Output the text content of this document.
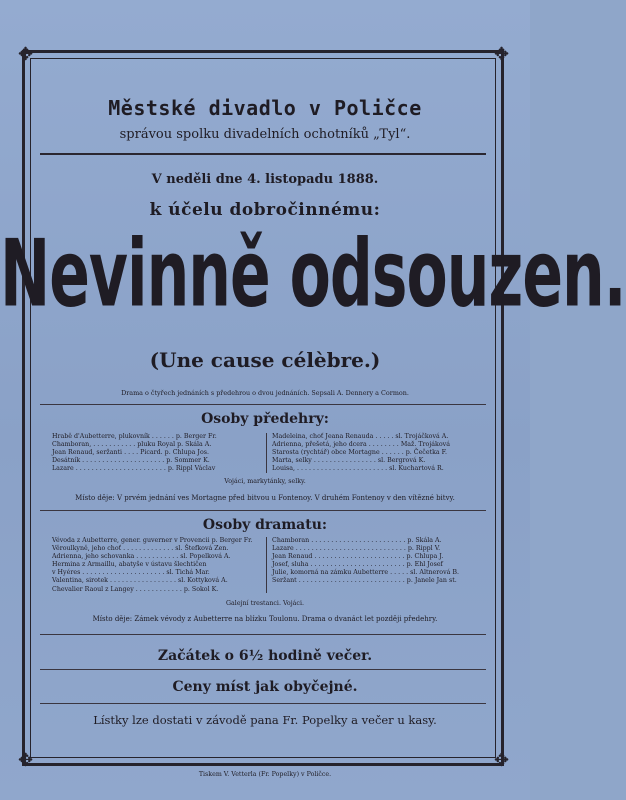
✥	✥
✥	✥
Městské divadlo v Poličce
správou spolku divadelních ochotníků „Tyl“.
V neděli dne 4. listopadu 1888.
k účelu dobročinnému:
Nevinně odsouzen.
(Une cause célèbre.)
Drama o čtyřech jednáních s předehrou o dvou jednáních. Sepsali A. Dennery a Cormon.
Osoby předehry:
Hrabě d'Aubetterre, plukovník . . . . . . p. Berger Fr.
Chamboran, . . . . . . . . . . . pluku Royal p. Skála A.
Jean Renaud, seržanti . . . . Picard. p. Chlupa Jos.
Desátník . . . . . . . . . . . . . . . . . . . . . p. Sommer K.
Lazare . . . . . . . . . . . . . . . . . . . . . . . p. Rippl Václav
Madeleina, choť Jeana Renauda . . . . . sl. Trojáčková A.
Adrienna, přešetá, jeho dcera . . . . . . . . Maž. Trojáková
Starosta (rychtář) obce Mortagne . . . . . . p. Čečetka F.
Marta, selky . . . . . . . . . . . . . . . . sl. Bergrová K.
Louisa, . . . . . . . . . . . . . . . . . . . . . . . sl. Kuchartová R.
Vojáci, markytánky, selky.
Místo děje: V prvém jednání ves Mortagne před bitvou u Fontenoy. V druhém Fontenoy v den vítězné bitvy.
Osoby dramatu:
Vévoda z Aubetterre, gener. guverner v Provencii p. Berger Fr.
Věroulkyně, jeho choť . . . . . . . . . . . . . sl. Štefková Zen.
Adrienna, jeho schovanka . . . . . . . . . . . sl. Popelková A.
Hermina z Armaillu, abatyše v ústavu šlechtičen
v Hyéres . . . . . . . . . . . . . . . . . . . . . sl. Tichá Mar.
Valentina, sirotek . . . . . . . . . . . . . . . . . sl. Kottyková A.
Chevalier Raoul z Langey . . . . . . . . . . . . p. Sokol K.
Chamboran . . . . . . . . . . . . . . . . . . . . . . . . p. Skála A.
Lazare . . . . . . . . . . . . . . . . . . . . . . . . . . . . p. Rippl V.
Jean Renaud . . . . . . . . . . . . . . . . . . . . . . . p. Chlupa J.
Josef, sluha . . . . . . . . . . . . . . . . . . . . . . . . p. Ehl Josef
Julie, komorná na zámku Aubetterre . . . . . sl. Altnerová B.
Seržant . . . . . . . . . . . . . . . . . . . . . . . . . . . p. Janele Jan st.
Galejní trestanci. Vojáci.
Místo děje: Zámek vévody z Aubetterre na blízku Toulonu. Drama o dvanáct let později předehry.
Začátek o 6½ hodině večer.
Ceny míst jak obyčejné.
Lístky lze dostati v závodě pana Fr. Popelky a večer u kasy.
Tiskem V. Vetterla (Fr. Popelky) v Poličce.
